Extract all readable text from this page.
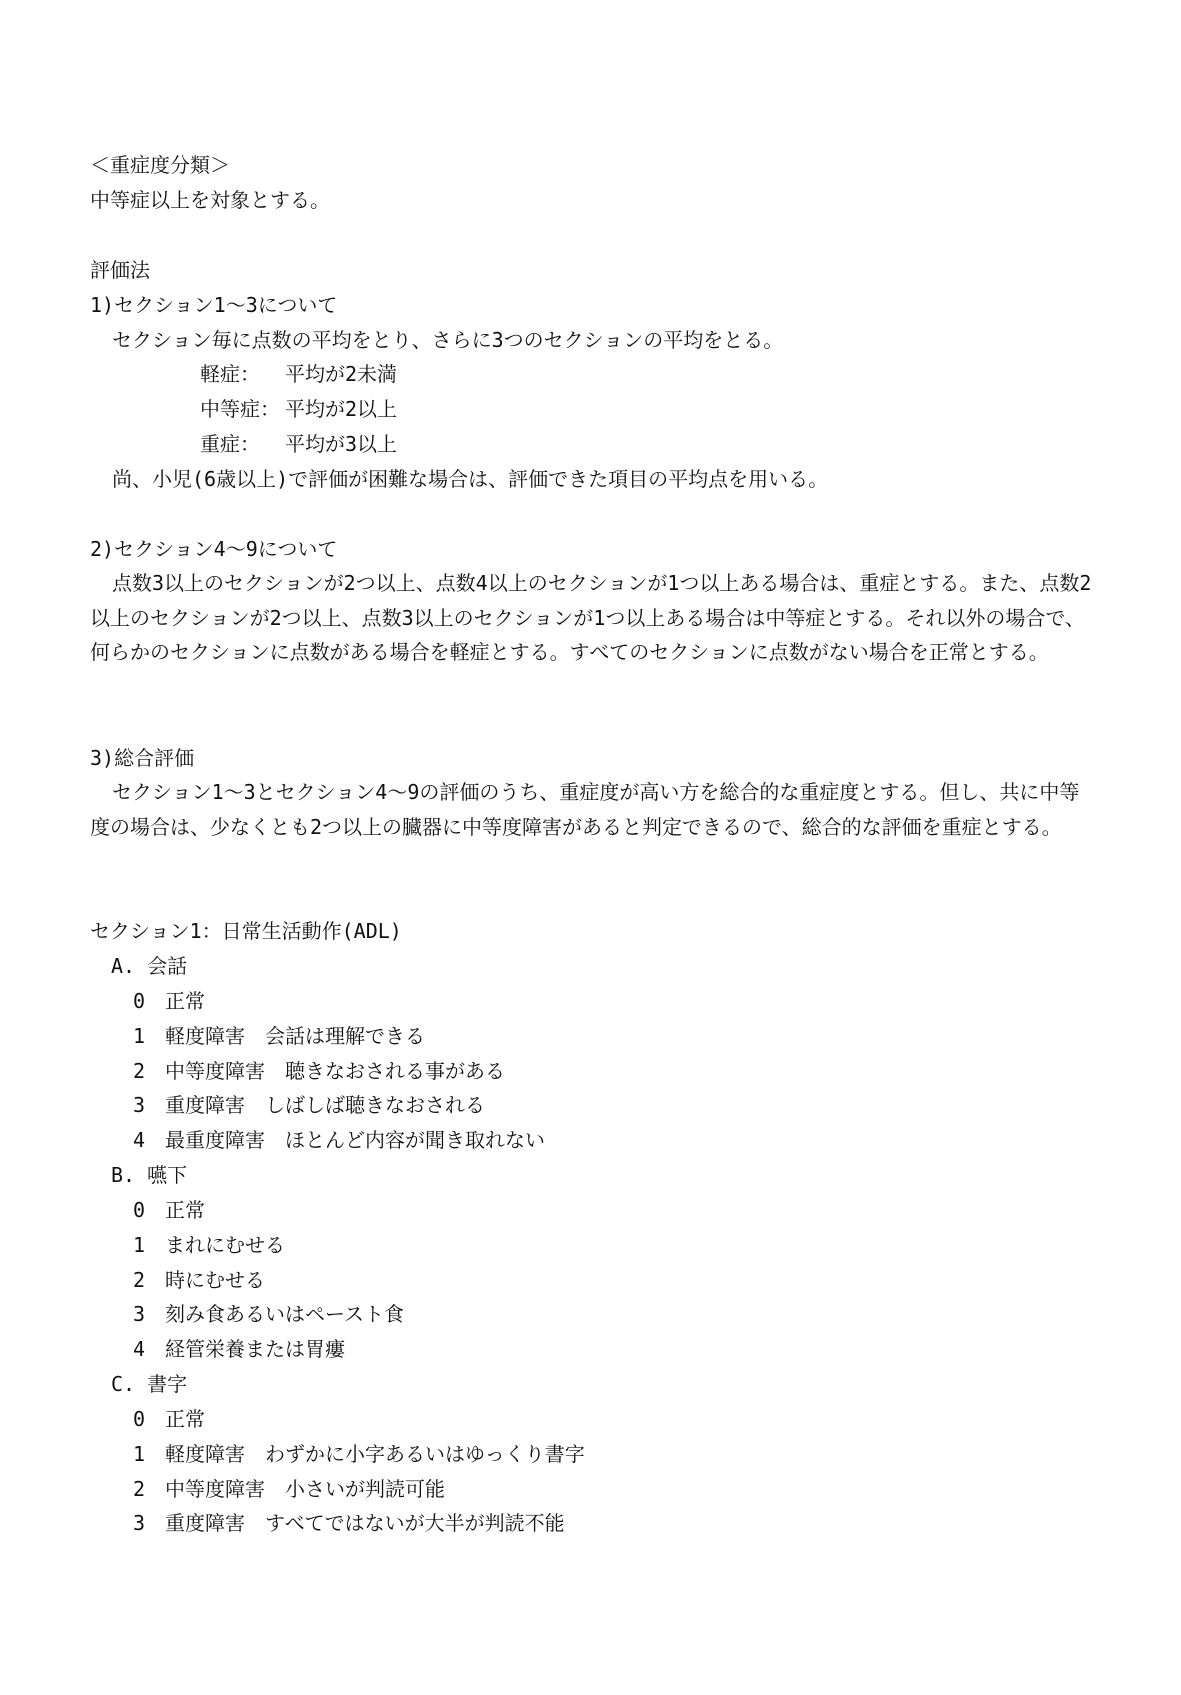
＜重症度分類＞
中等症以上を対象とする。
評価法
1)セクション1～3について
セクション毎に点数の平均をとり、さらに3つのセクションの平均をとる。
軽症： 平均が2未満
中等症： 平均が2以上
重症： 平均が3以上
尚、小児(6歳以上)で評価が困難な場合は、評価できた項目の平均点を用いる。
2)セクション4～9について
点数3以上のセクションが2つ以上、点数4以上のセクションが1つ以上ある場合は、重症とする。また、点数2以上のセクションが2つ以上、点数3以上のセクションが1つ以上ある場合は中等症とする。それ以外の場合で、何らかのセクションに点数がある場合を軽症とする。すべてのセクションに点数がない場合を正常とする。
3)総合評価
セクション1～3とセクション4～9の評価のうち、重症度が高い方を総合的な重症度とする。但し、共に中等度の場合は、少なくとも2つ以上の臓器に中等度障害があると判定できるので、総合的な評価を重症とする。
セクション1：日常生活動作(ADL)
A. 会話
0 正常
1 軽度障害　会話は理解できる
2 中等度障害　聴きなおされる事がある
3 重度障害　しばしば聴きなおされる
4 最重度障害　ほとんど内容が聞き取れない
B. 嚥下
0 正常
1 まれにむせる
2 時にむせる
3 刻み食あるいはペースト食
4 経管栄養または胃瘻
C. 書字
0 正常
1 軽度障害　わずかに小字あるいはゆっくり書字
2 中等度障害　小さいが判読可能
3 重度障害　すべてではないが大半が判読不能
